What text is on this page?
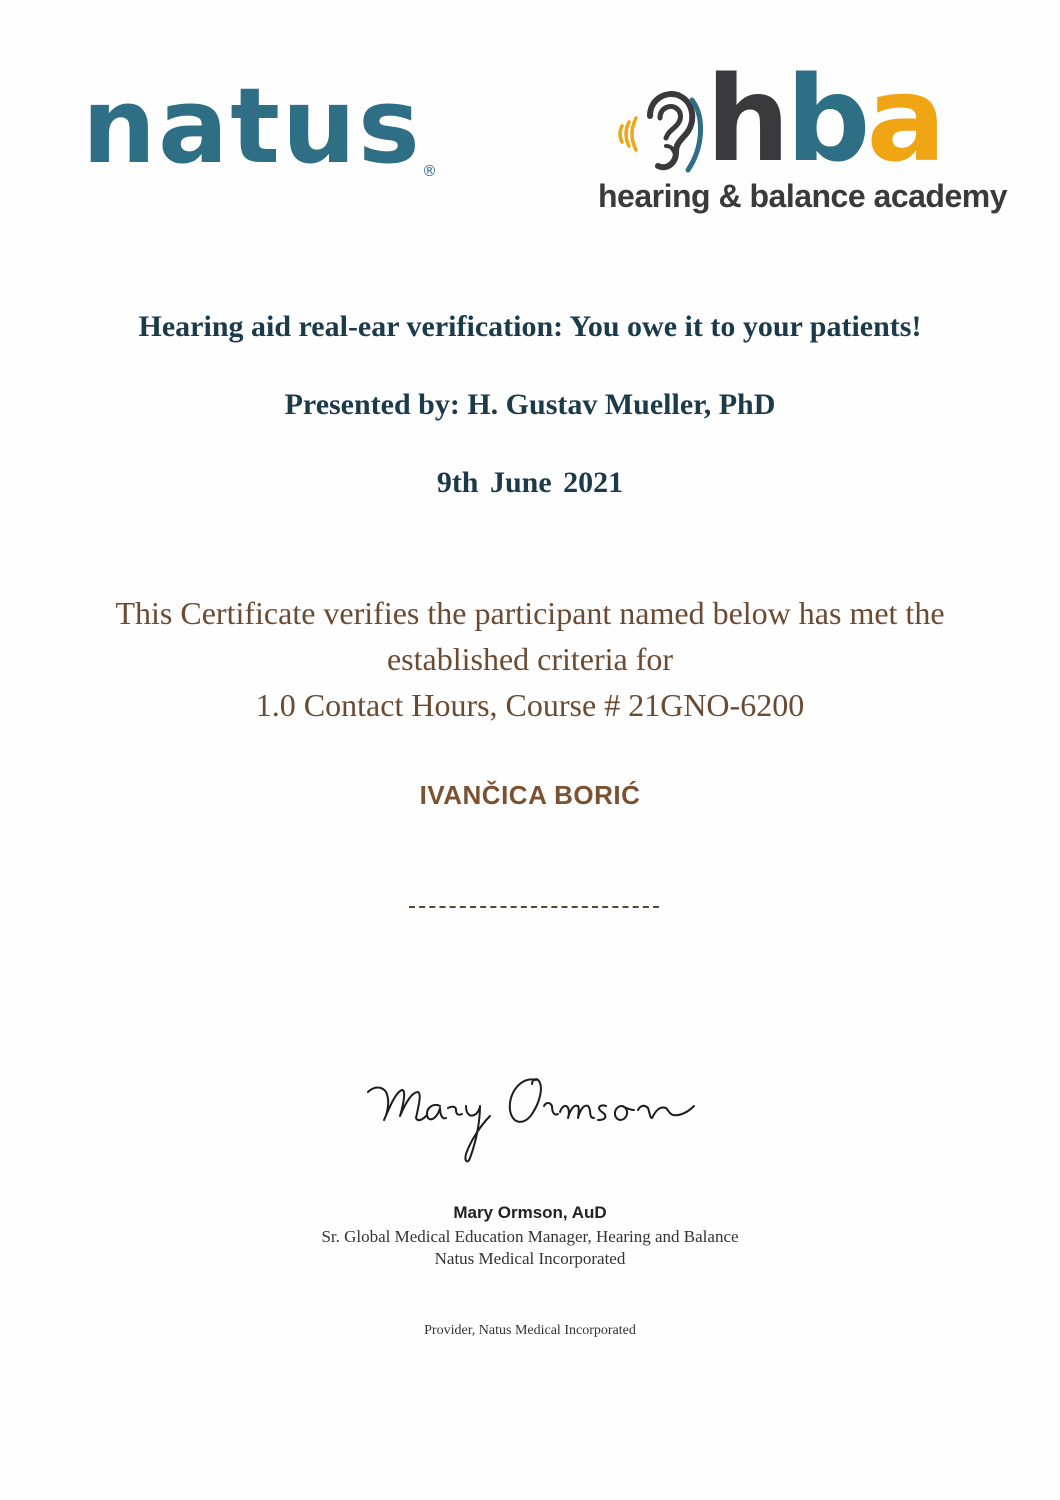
natus ® hba
hearing & balance academy
Hearing aid real-ear verification: You owe it to your patients!
Presented by: H. Gustav Mueller, PhD
9th June 2021
This Certificate verifies the participant named below has met the
established criteria for
1.0 Contact Hours, Course # 21GNO-6200
IVANČICA BORIĆ
Mary Ormson, AuD
Sr. Global Medical Education Manager, Hearing and Balance
Natus Medical Incorporated
Provider, Natus Medical Incorporated
